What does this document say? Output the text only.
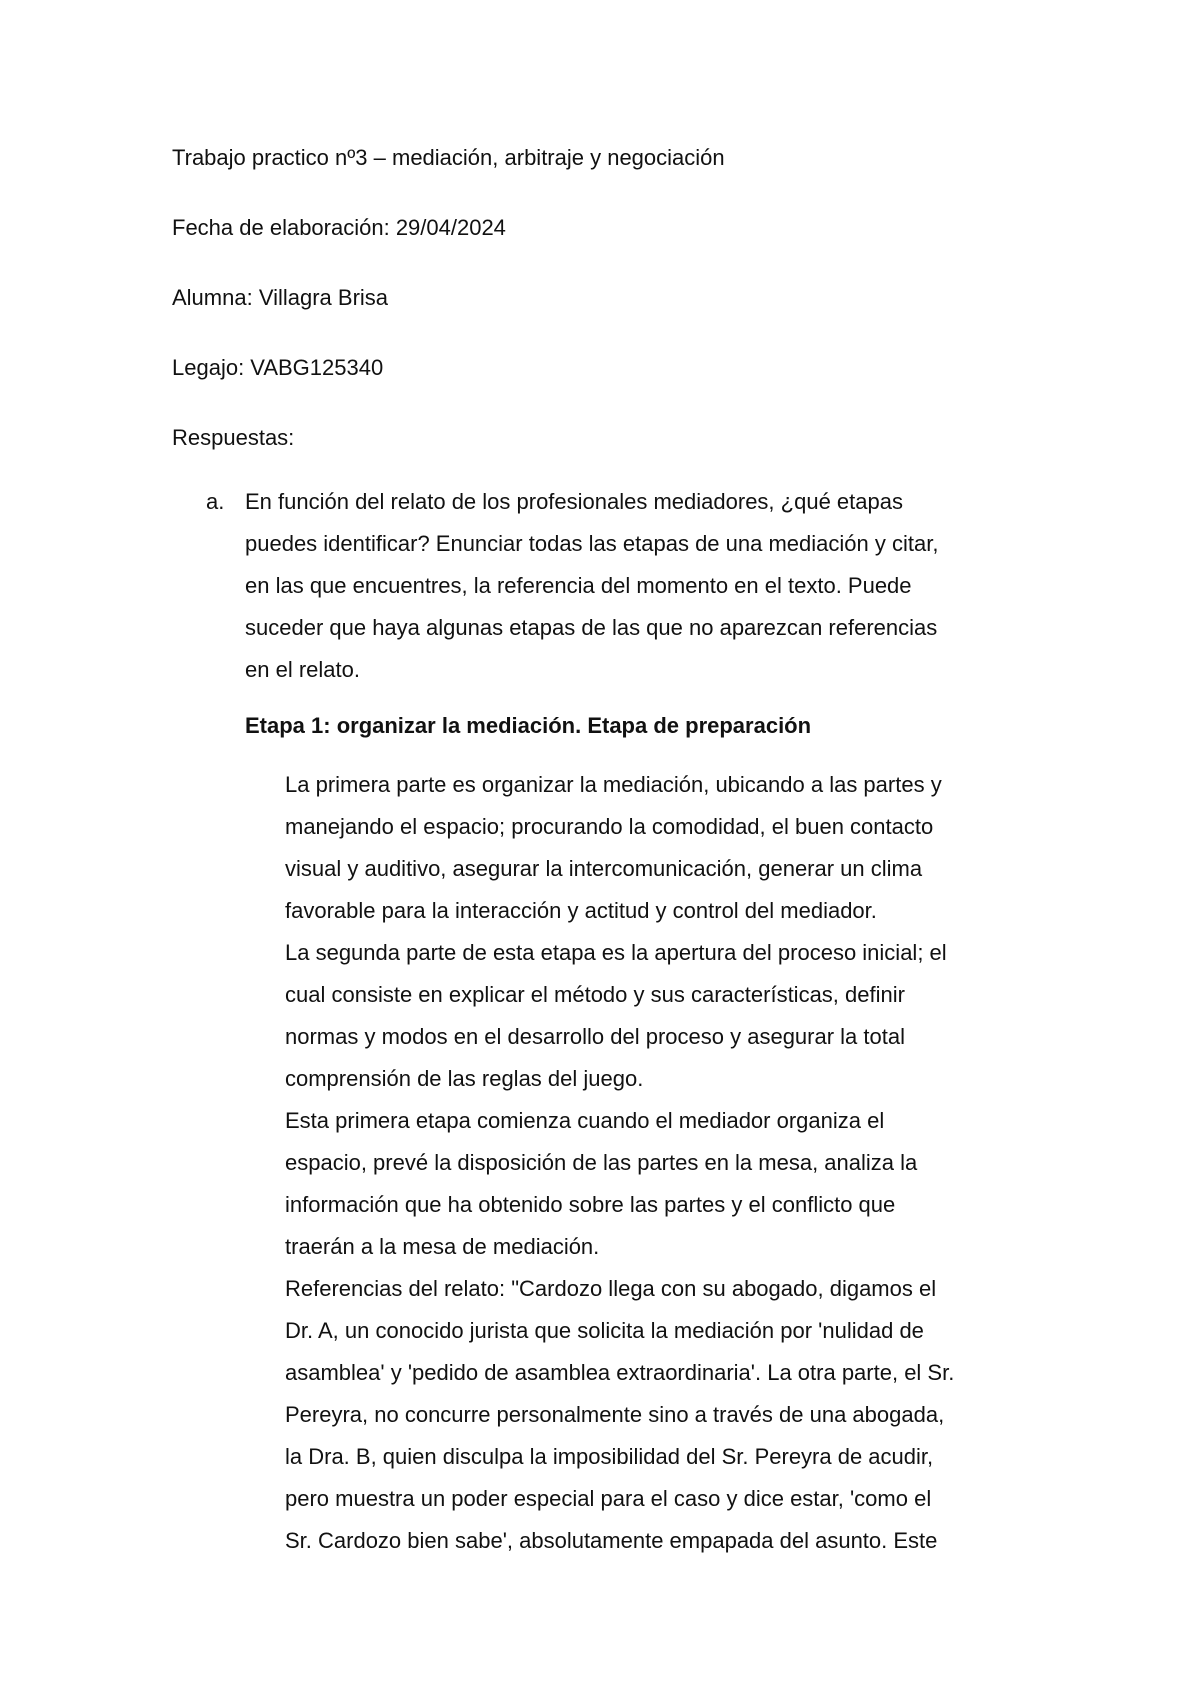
Trabajo practico nº3 – mediación, arbitraje y negociación
Fecha de elaboración: 29/04/2024
Alumna: Villagra Brisa
Legajo: VABG125340
Respuestas:
a. En función del relato de los profesionales mediadores, ¿qué etapas
puedes identificar? Enunciar todas las etapas de una mediación y citar,
en las que encuentres, la referencia del momento en el texto. Puede
suceder que haya algunas etapas de las que no aparezcan referencias
en el relato.
Etapa 1: organizar la mediación. Etapa de preparación
La primera parte es organizar la mediación, ubicando a las partes y
manejando el espacio; procurando la comodidad, el buen contacto
visual y auditivo, asegurar la intercomunicación, generar un clima
favorable para la interacción y actitud y control del mediador.
La segunda parte de esta etapa es la apertura del proceso inicial; el
cual consiste en explicar el método y sus características, definir
normas y modos en el desarrollo del proceso y asegurar la total
comprensión de las reglas del juego.
Esta primera etapa comienza cuando el mediador organiza el
espacio, prevé la disposición de las partes en la mesa, analiza la
información que ha obtenido sobre las partes y el conflicto que
traerán a la mesa de mediación.
Referencias del relato: "Cardozo llega con su abogado, digamos el
Dr. A, un conocido jurista que solicita la mediación por 'nulidad de
asamblea' y 'pedido de asamblea extraordinaria'. La otra parte, el Sr.
Pereyra, no concurre personalmente sino a través de una abogada,
la Dra. B, quien disculpa la imposibilidad del Sr. Pereyra de acudir,
pero muestra un poder especial para el caso y dice estar, 'como el
Sr. Cardozo bien sabe', absolutamente empapada del asunto. Este
